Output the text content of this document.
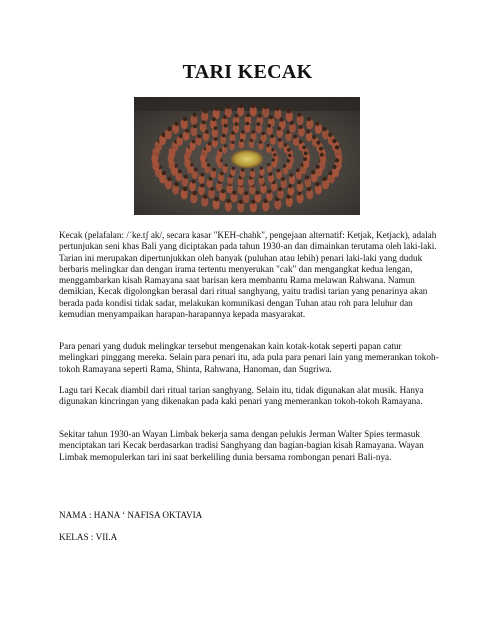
TARI KECAK

Kecak (pelafalan: /ˈke.tʃ ak/, secara kasar "KEH-chahk", pengejaan alternatif: Ketjak, Ketjack), adalah pertunjukan seni khas Bali yang diciptakan pada tahun 1930-an dan dimainkan terutama oleh laki-laki. Tarian ini merupakan dipertunjukkan oleh banyak (puluhan atau lebih) penari laki-laki yang duduk berbaris melingkar dan dengan irama tertentu menyerukan "cak" dan mengangkat kedua lengan, menggambarkan kisah Ramayana saat barisan kera membantu Rama melawan Rahwana. Namun demikian, Kecak digolongkan berasal dari ritual sanghyang, yaitu tradisi tarian yang penarinya akan berada pada kondisi tidak sadar, melakukan komunikasi dengan Tuhan atau roh para leluhur dan kemudian menyampaikan harapan-harapannya kepada masyarakat.

Para penari yang duduk melingkar tersebut mengenakan kain kotak-kotak seperti papan catur melingkari pinggang mereka. Selain para penari itu, ada pula para penari lain yang memerankan tokoh-tokoh Ramayana seperti Rama, Shinta, Rahwana, Hanoman, dan Sugriwa.

Lagu tari Kecak diambil dari ritual tarian sanghyang. Selain itu, tidak digunakan alat musik. Hanya digunakan kincringan yang dikenakan pada kaki penari yang memerankan tokoh-tokoh Ramayana.

Sekitar tahun 1930-an Wayan Limbak bekerja sama dengan pelukis Jerman Walter Spies termasuk menciptakan tari Kecak berdasarkan tradisi Sanghyang dan bagian-bagian kisah Ramayana. Wayan Limbak memopulerkan tari ini saat berkeliling dunia bersama rombongan penari Bali-nya.

NAMA : HANA ‘ NAFISA OKTAVIA
KELAS : VII.A
